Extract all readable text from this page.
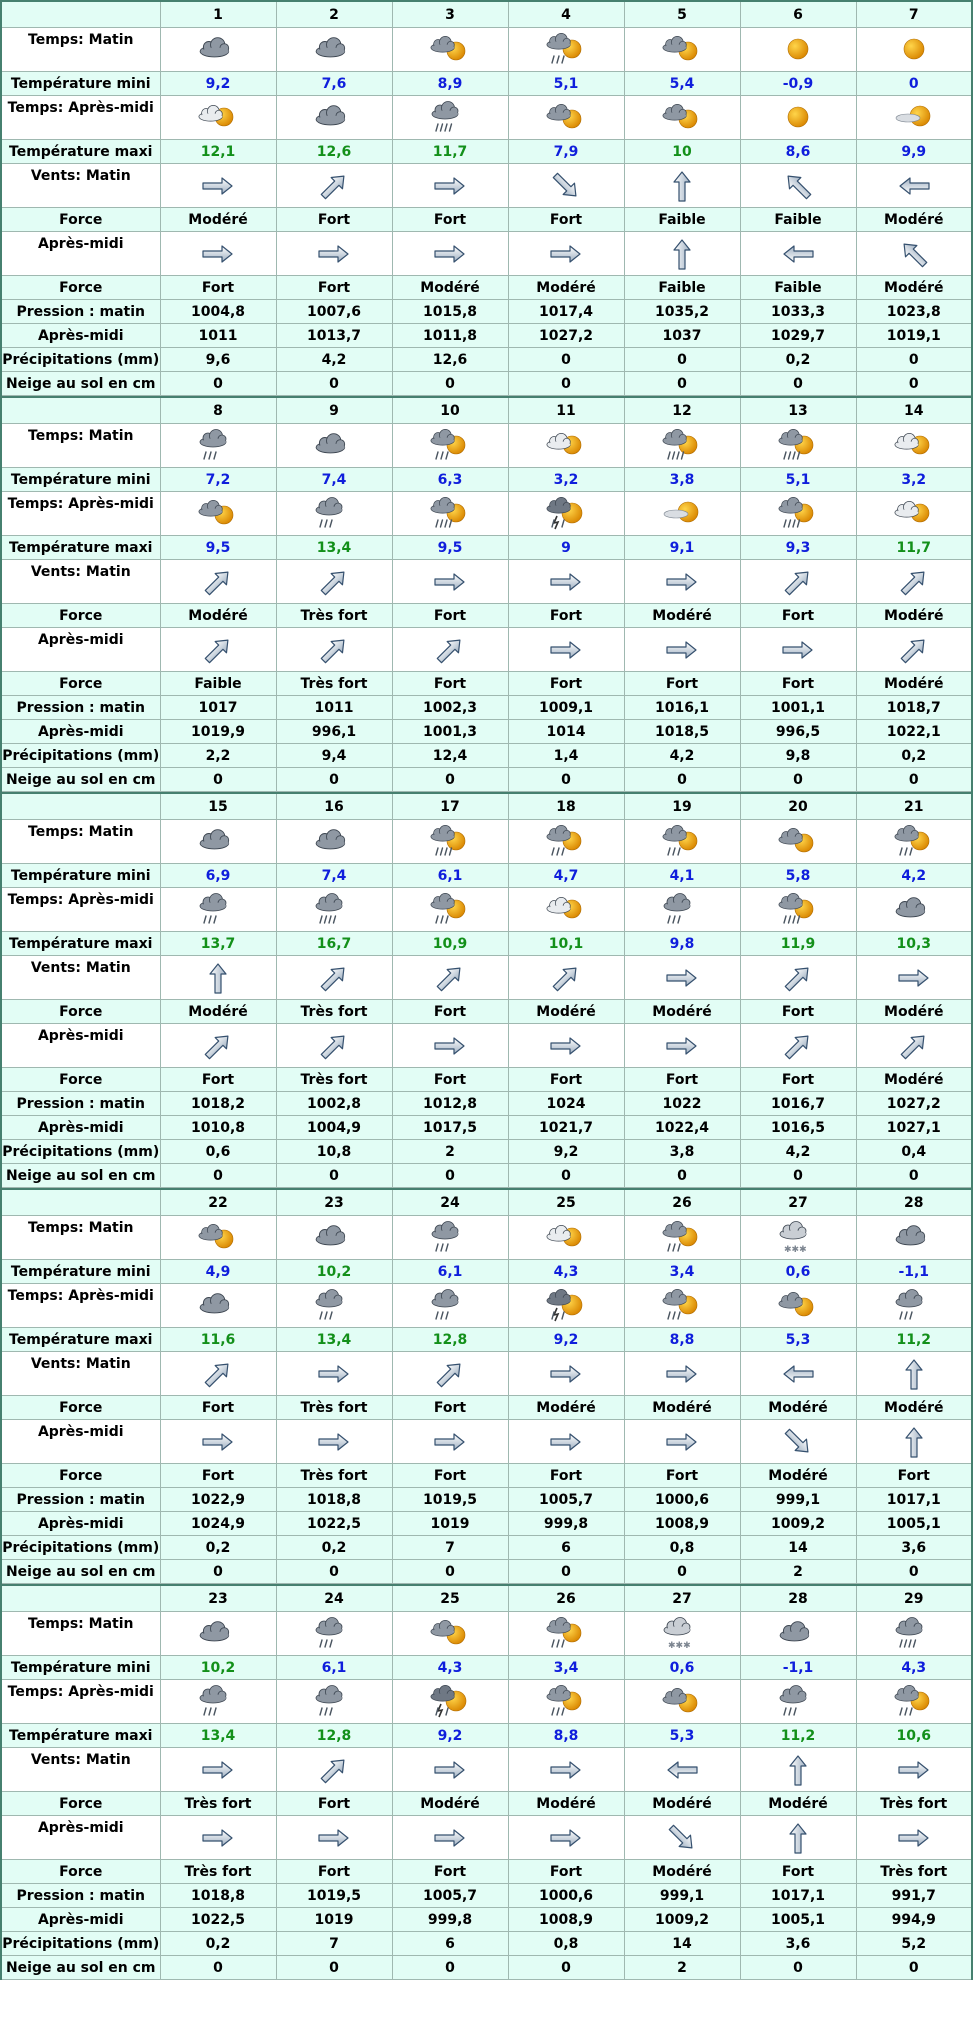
	1	2	3	4	5	6	7
Temps: Matin	

Température mini	9,2	7,6	8,9	5,1	5,4	-0,9	0
Temps: Après-midi	

Température maxi	12,1	12,6	11,7	7,9	10	8,6	9,9
Vents: Matin	

Force	Modéré	Fort	Fort	Fort	Faible	Faible	Modéré
Après-midi	

Force	Fort	Fort	Modéré	Modéré	Faible	Faible	Modéré
Pression : matin	1004,8	1007,6	1015,8	1017,4	1035,2	1033,3	1023,8
Après-midi	1011	1013,7	1011,8	1027,2	1037	1029,7	1019,1
Précipitations (mm)	9,6	4,2	12,6	0	0	0,2	0
Neige au sol en cm	0	0	0	0	0	0	0
	8	9	10	11	12	13	14
Temps: Matin	

Température mini	7,2	7,4	6,3	3,2	3,8	5,1	3,2
Temps: Après-midi	

Température maxi	9,5	13,4	9,5	9	9,1	9,3	11,7
Vents: Matin	

Force	Modéré	Très fort	Fort	Fort	Modéré	Fort	Modéré
Après-midi	

Force	Faible	Très fort	Fort	Fort	Fort	Fort	Modéré
Pression : matin	1017	1011	1002,3	1009,1	1016,1	1001,1	1018,7
Après-midi	1019,9	996,1	1001,3	1014	1018,5	996,5	1022,1
Précipitations (mm)	2,2	9,4	12,4	1,4	4,2	9,8	0,2
Neige au sol en cm	0	0	0	0	0	0	0
	15	16	17	18	19	20	21
Temps: Matin	

Température mini	6,9	7,4	6,1	4,7	4,1	5,8	4,2
Temps: Après-midi	

Température maxi	13,7	16,7	10,9	10,1	9,8	11,9	10,3
Vents: Matin	

Force	Modéré	Très fort	Fort	Modéré	Modéré	Fort	Modéré
Après-midi	

Force	Fort	Très fort	Fort	Fort	Fort	Fort	Modéré
Pression : matin	1018,2	1002,8	1012,8	1024	1022	1016,7	1027,2
Après-midi	1010,8	1004,9	1017,5	1021,7	1022,4	1016,5	1027,1
Précipitations (mm)	0,6	10,8	2	9,2	3,8	4,2	0,4
Neige au sol en cm	0	0	0	0	0	0	0
	22	23	24	25	26	27	28
Temps: Matin						✱✱✱

Température mini	4,9	10,2	6,1	4,3	3,4	0,6	-1,1
Temps: Après-midi	

Température maxi	11,6	13,4	12,8	9,2	8,8	5,3	11,2
Vents: Matin	

Force	Fort	Très fort	Fort	Modéré	Modéré	Modéré	Modéré
Après-midi	

Force	Fort	Très fort	Fort	Fort	Fort	Modéré	Fort
Pression : matin	1022,9	1018,8	1019,5	1005,7	1000,6	999,1	1017,1
Après-midi	1024,9	1022,5	1019	999,8	1008,9	1009,2	1005,1
Précipitations (mm)	0,2	0,2	7	6	0,8	14	3,6
Neige au sol en cm	0	0	0	0	0	2	0
	23	24	25	26	27	28	29
Temps: Matin					✱✱✱

Température mini	10,2	6,1	4,3	3,4	0,6	-1,1	4,3
Temps: Après-midi	

Température maxi	13,4	12,8	9,2	8,8	5,3	11,2	10,6
Vents: Matin	

Force	Très fort	Fort	Modéré	Modéré	Modéré	Modéré	Très fort
Après-midi	

Force	Très fort	Fort	Fort	Fort	Modéré	Fort	Très fort
Pression : matin	1018,8	1019,5	1005,7	1000,6	999,1	1017,1	991,7
Après-midi	1022,5	1019	999,8	1008,9	1009,2	1005,1	994,9
Précipitations (mm)	0,2	7	6	0,8	14	3,6	5,2
Neige au sol en cm	0	0	0	0	2	0	0
